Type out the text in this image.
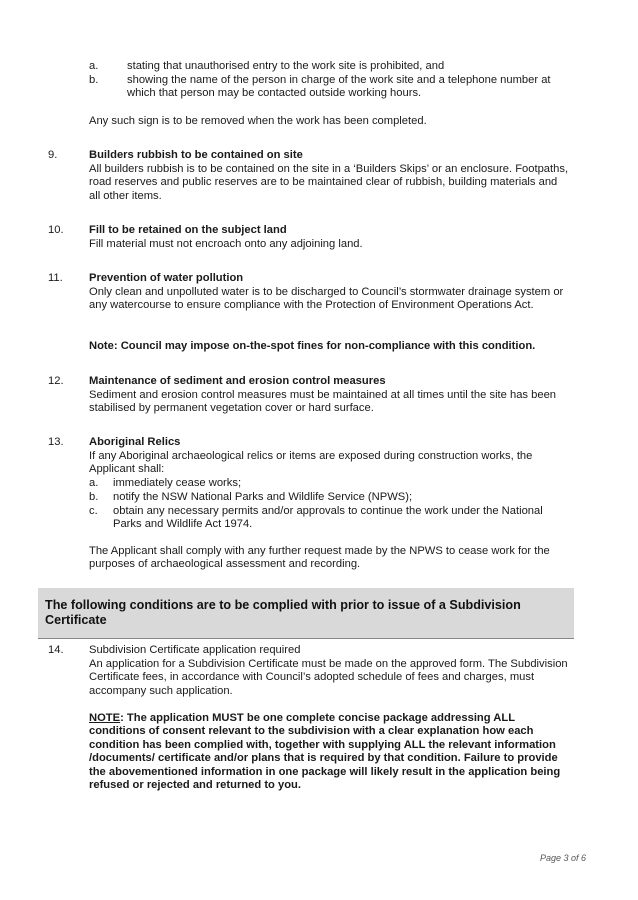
a.	stating that unauthorised entry to the work site is prohibited, and
b.	showing the name of the person in charge of the work site and a telephone number at which that person may be contacted outside working hours.
Any such sign is to be removed when the work has been completed.
9.	Builders rubbish to be contained on site
All builders rubbish is to be contained on the site in a ‘Builders Skips’ or an enclosure. Footpaths, road reserves and public reserves are to be maintained clear of rubbish, building materials and all other items.
10. Fill to be retained on the subject land
Fill material must not encroach onto any adjoining land.
11. Prevention of water pollution
Only clean and unpolluted water is to be discharged to Council’s stormwater drainage system or any watercourse to ensure compliance with the Protection of Environment Operations Act.
Note: Council may impose on-the-spot fines for non-compliance with this condition.
12. Maintenance of sediment and erosion control measures
Sediment and erosion control measures must be maintained at all times until the site has been stabilised by permanent vegetation cover or hard surface.
13. Aboriginal Relics
If any Aboriginal archaeological relics or items are exposed during construction works, the Applicant shall:
a. immediately cease works;
b. notify the NSW National Parks and Wildlife Service (NPWS);
c. obtain any necessary permits and/or approvals to continue the work under the National Parks and Wildlife Act 1974.
The Applicant shall comply with any further request made by the NPWS to cease work for the purposes of archaeological assessment and recording.
The following conditions are to be complied with prior to issue of a Subdivision Certificate
14. Subdivision Certificate application required
An application for a Subdivision Certificate must be made on the approved form. The Subdivision Certificate fees, in accordance with Council’s adopted schedule of fees and charges, must accompany such application.
NOTE: The application MUST be one complete concise package addressing ALL conditions of consent relevant to the subdivision with a clear explanation how each condition has been complied with, together with supplying ALL the relevant information /documents/ certificate and/or plans that is required by that condition. Failure to provide the abovementioned information in one package will likely result in the application being refused or rejected and returned to you.
Page 3 of 6
